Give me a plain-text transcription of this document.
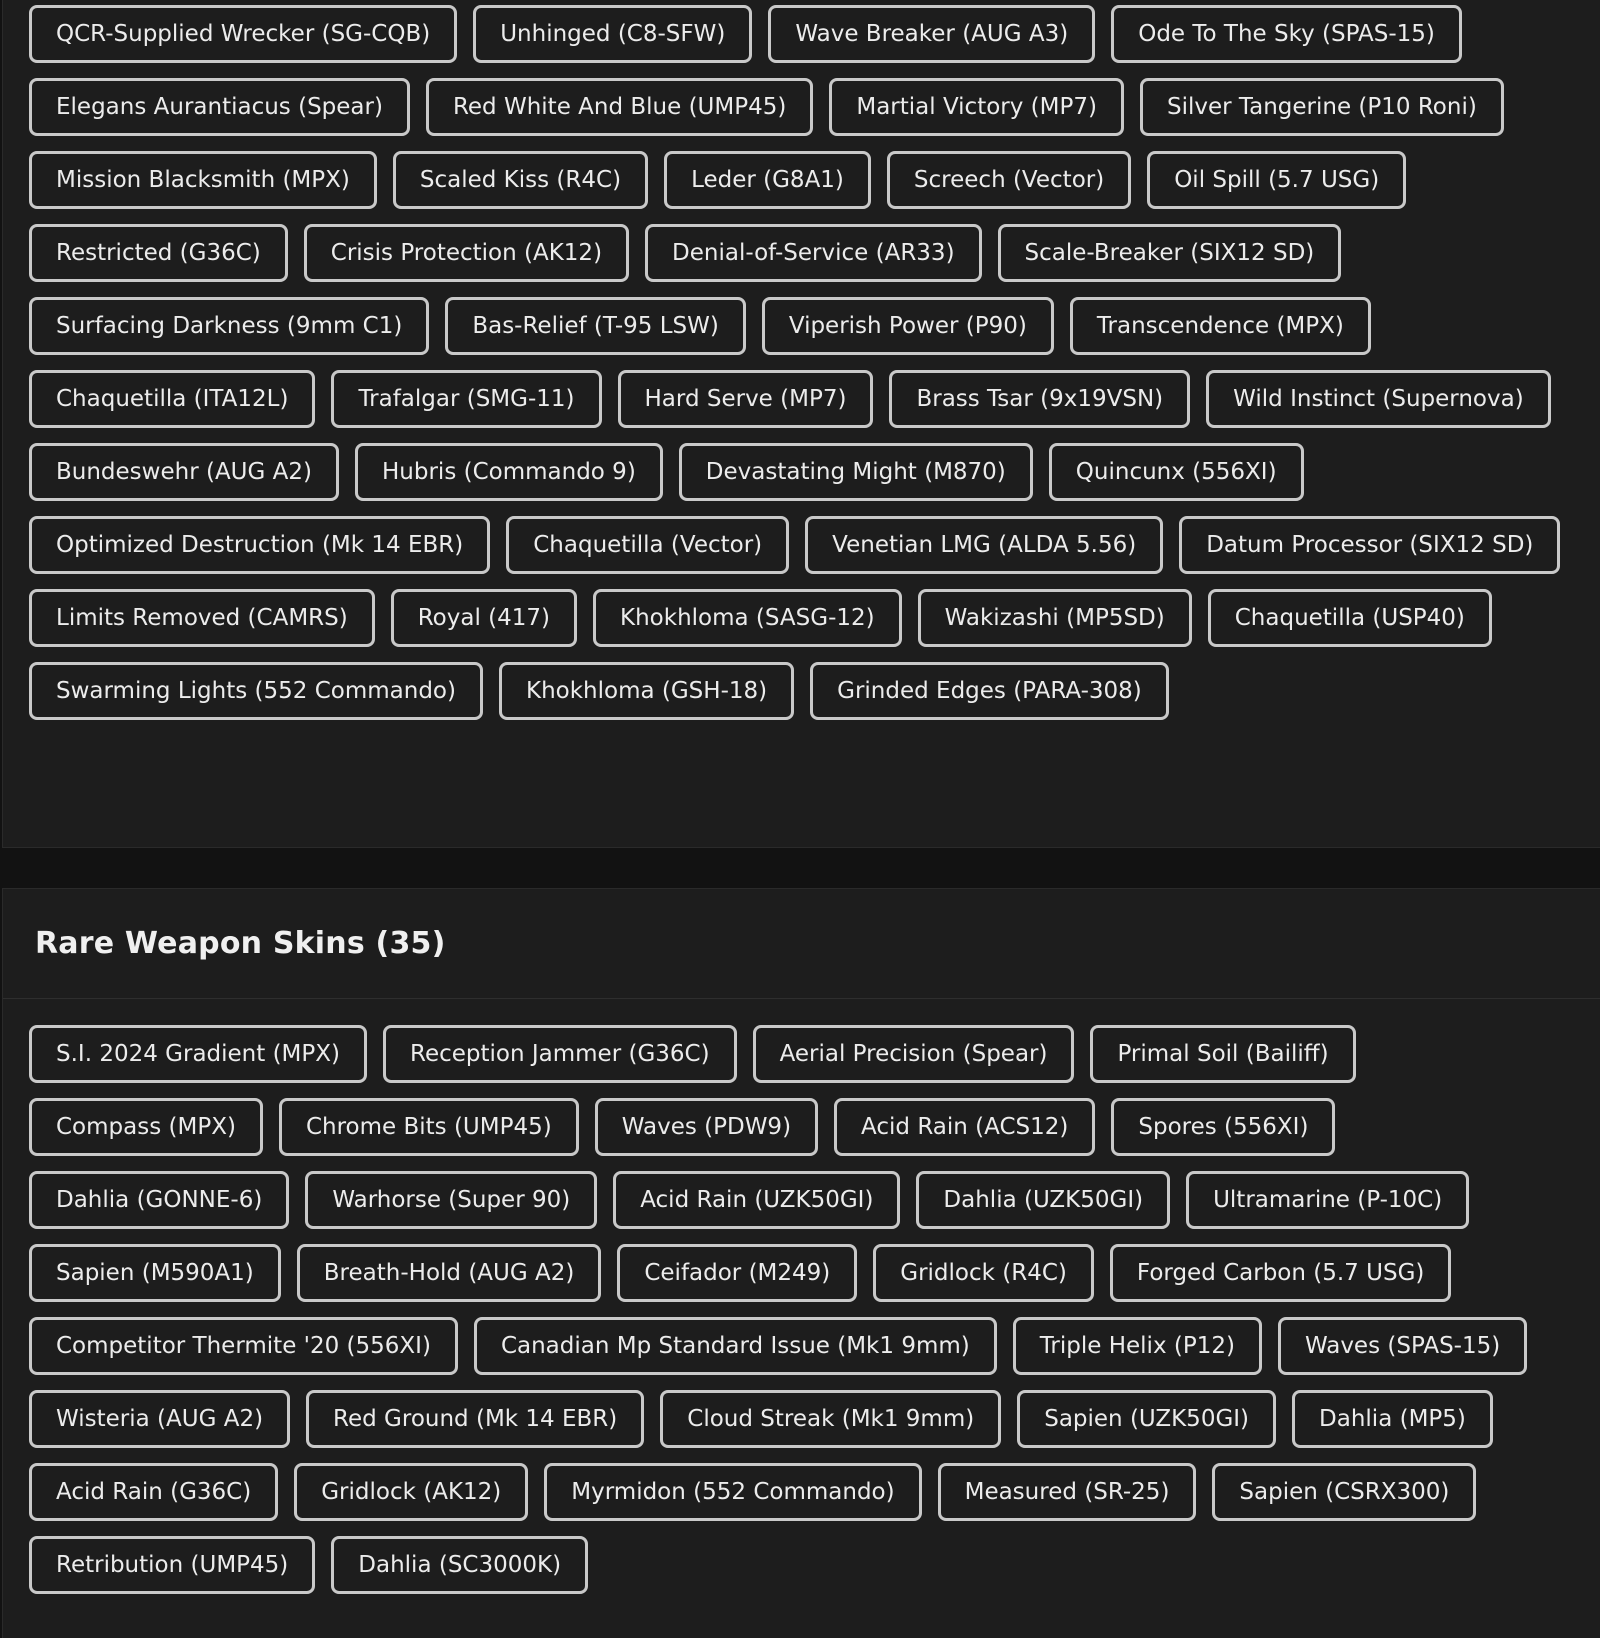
QCR-Supplied Wrecker (SG-CQB)	Unhinged (C8-SFW)	Wave Breaker (AUG A3)	Ode To The Sky (SPAS-15)
Elegans Aurantiacus (Spear)	Red White And Blue (UMP45)	Martial Victory (MP7)	Silver Tangerine (P10 Roni)
Mission Blacksmith (MPX)	Scaled Kiss (R4C)	Leder (G8A1)	Screech (Vector)	Oil Spill (5.7 USG)
Restricted (G36C)	Crisis Protection (AK12)	Denial-of-Service (AR33)	Scale-Breaker (SIX12 SD)
Surfacing Darkness (9mm C1)	Bas-Relief (T-95 LSW)	Viperish Power (P90)	Transcendence (MPX)
Chaquetilla (ITA12L)	Trafalgar (SMG-11)	Hard Serve (MP7)	Brass Tsar (9x19VSN)	Wild Instinct (Supernova)
Bundeswehr (AUG A2)	Hubris (Commando 9)	Devastating Might (M870)	Quincunx (556XI)
Optimized Destruction (Mk 14 EBR)	Chaquetilla (Vector)	Venetian LMG (ALDA 5.56)	Datum Processor (SIX12 SD)
Limits Removed (CAMRS)	Royal (417)	Khokhloma (SASG-12)	Wakizashi (MP5SD)	Chaquetilla (USP40)
Swarming Lights (552 Commando)	Khokhloma (GSH-18)	Grinded Edges (PARA-308)
Rare Weapon Skins (35)
S.I. 2024 Gradient (MPX)	Reception Jammer (G36C)	Aerial Precision (Spear)	Primal Soil (Bailiff)
Compass (MPX)	Chrome Bits (UMP45)	Waves (PDW9)	Acid Rain (ACS12)	Spores (556XI)
Dahlia (GONNE-6)	Warhorse (Super 90)	Acid Rain (UZK50GI)	Dahlia (UZK50GI)	Ultramarine (P-10C)
Sapien (M590A1)	Breath-Hold (AUG A2)	Ceifador (M249)	Gridlock (R4C)	Forged Carbon (5.7 USG)
Competitor Thermite '20 (556XI)	Canadian Mp Standard Issue (Mk1 9mm)	Triple Helix (P12)	Waves (SPAS-15)
Wisteria (AUG A2)	Red Ground (Mk 14 EBR)	Cloud Streak (Mk1 9mm)	Sapien (UZK50GI)	Dahlia (MP5)
Acid Rain (G36C)	Gridlock (AK12)	Myrmidon (552 Commando)	Measured (SR-25)	Sapien (CSRX300)
Retribution (UMP45)	Dahlia (SC3000K)
